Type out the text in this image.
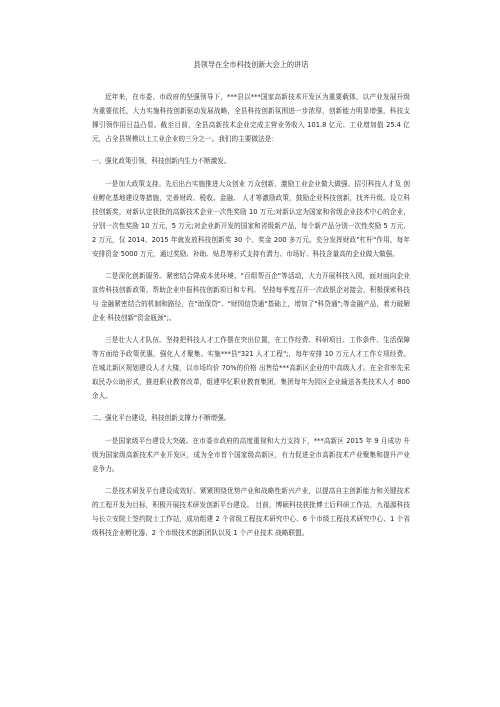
县领导在全市科技创新大会上的讲话
近年来，在市委、市政府的坚强领导下，***县以***国家高新技术开发区为重要载体，以产业发展升级为重要依托，大力实施科技创新驱动发展战略，全县科技创新氛围进一步浓厚，创新能力明显增强，科技支撑引领作用日益凸显。截至目前，全县高新技术企业完成主营业务收入 101.8 亿元、工业增加值 25.4 亿元，占全县规模以上工业企业的三分之一。我们的主要做法是：
一、强化政策引领，科技创新内生力不断激发。
一是加大政策支持。先后出台实施推进大众创业 万众创新、激励工业企业做大做强、招引科技人才及 创业孵化基地建设等措施，完善财政、税收、金融、 人才等激励政策，鼓励企业科技创新，找齐升级。设立科技创新奖，对新认定获批的高新技术企业一次性奖励 10 万元;对新认定为国家和省级企业技术中心的企业，分别一次性奖励 10 万元、5 万元;对企业新开发的国家和省级新产品，每个新产品分别一次性奖励 5 万元、 2 万元，仅 2014、2015 年就发放科技创新奖 30 个、奖金 200 多万元。充分发挥财政"杠杆"作用，每年安排资金 5000 万元，通过奖励、补助、贴息等形式支持有潜力、市场好、科技含量高的企业做大做强。
二是深化创新服务。紧密结合降成本优环境、"百组帮百企"等活动，大力开展科技入园，面对面向企业宣传科技创新政策、帮助企业申报科技创新项目和专利。 坚持每季度召开一次政银企对接会，积极探索科技与 金融紧密结合的机制和路径，在"助保贷"、"财园信贷通"基础上，增加了"科贷通";等金融产品，着力破解企业 科技创新"资金瓶颈";。
三是壮大人才队伍。坚持把科技人才工作摆在突出位置，在工作经费、科研项目、工作条件、生活保障等方面给予政策优惠，强化人才聚集。实施***县"321 人才工程";，每年安排 10 万元人才工作专项经费。 在城北新区规划建设人才大楼，以市场均价 70%的价格 出售给***高新区企业的中高级人才。在全省率先采取民办公助形式，推进职业教育改革，组建华忆职业教育集团，集团每年为园区企业输送各类技术人才 800 余人。
二、强化平台建设，科技创新支撑力不断增强。
一是国家级平台建设大突破。在市委市政府的高度重视和大力支持下，***高新区 2015 年 9 月成功 升级为国家级高新技术产业开发区，成为全市首个国家级高新区，有力促进全市高新技术产业聚集和提升产业竞争力。
二是技术研发平台建设成效好。紧紧围绕优势产业和战略性新兴产业，以提高自主创新能力和关键技术的工程开发为目标，积极开展技术研发创新平台建设。 目前，博硕科技获批博士后科研工作站，九福源科技与长立安院士签约院士工作站，成功组建 2 个省级工程技术研究中心、6 个市级工程技术研究中心、1 个省级科技企业孵化器、2 个市级技术创新团队以及 1 个产业技术 战略联盟。
